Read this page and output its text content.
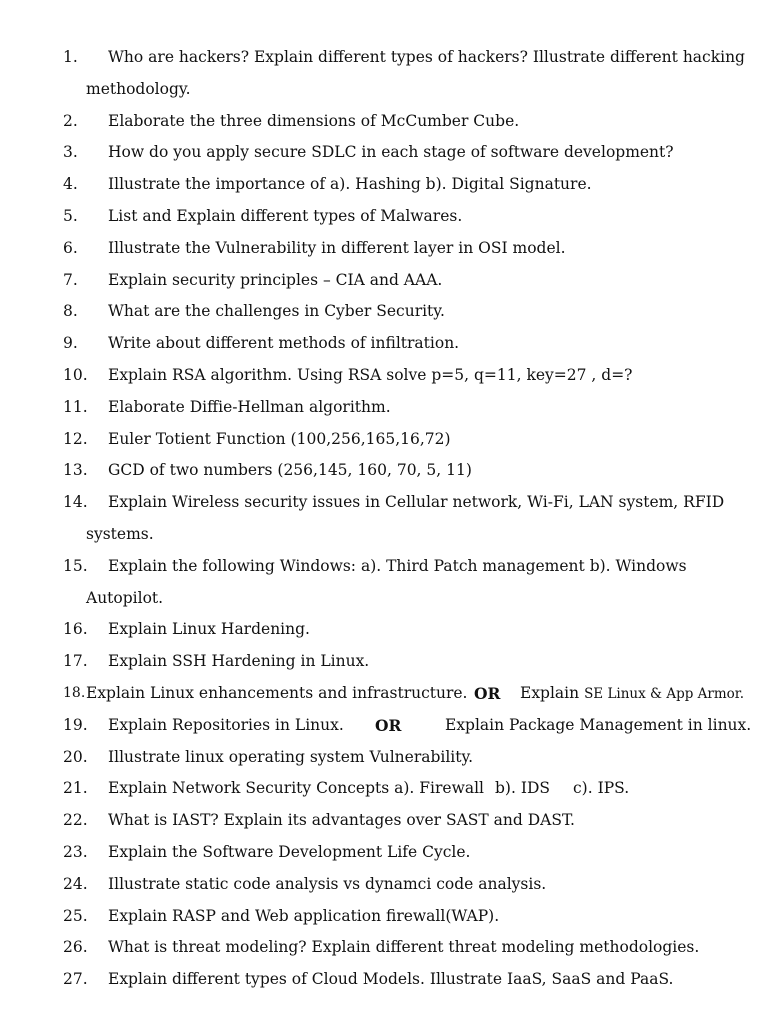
1. Who are hackers? Explain different types of hackers? Illustrate different hacking
methodology.
2. Elaborate the three dimensions of McCumber Cube.
3. How do you apply secure SDLC in each stage of software development?
4. Illustrate the importance of a). Hashing b). Digital Signature.
5. List and Explain different types of Malwares.
6. Illustrate the Vulnerability in different layer in OSI model.
7. Explain security principles – CIA and AAA.
8. What are the challenges in Cyber Security.
9. Write about different methods of infiltration.
10. Explain RSA algorithm. Using RSA solve p=5, q=11, key=27 , d=?
11. Elaborate Diffie-Hellman algorithm.
12. Euler Totient Function (100,256,165,16,72)
13. GCD of two numbers (256,145, 160, 70, 5, 11)
14. Explain Wireless security issues in Cellular network, Wi-Fi, LAN system, RFID
systems.
15. Explain the following Windows: a). Third Patch management b). Windows
Autopilot.
16. Explain Linux Hardening.
17. Explain SSH Hardening in Linux.
18. Explain Linux enhancements and infrastructure. OR Explain SE Linux & App Armor.
19. Explain Repositories in Linux. OR	Explain Package Management in linux.
20. Illustrate linux operating system Vulnerability.
21. Explain Network Security Concepts a). Firewall b). IDS c). IPS.
22. What is IAST? Explain its advantages over SAST and DAST.
23. Explain the Software Development Life Cycle.
24. Illustrate static code analysis vs dynamci code analysis.
25. Explain RASP and Web application firewall(WAP).
26. What is threat modeling? Explain different threat modeling methodologies.
27. Explain different types of Cloud Models. Illustrate IaaS, SaaS and PaaS.
